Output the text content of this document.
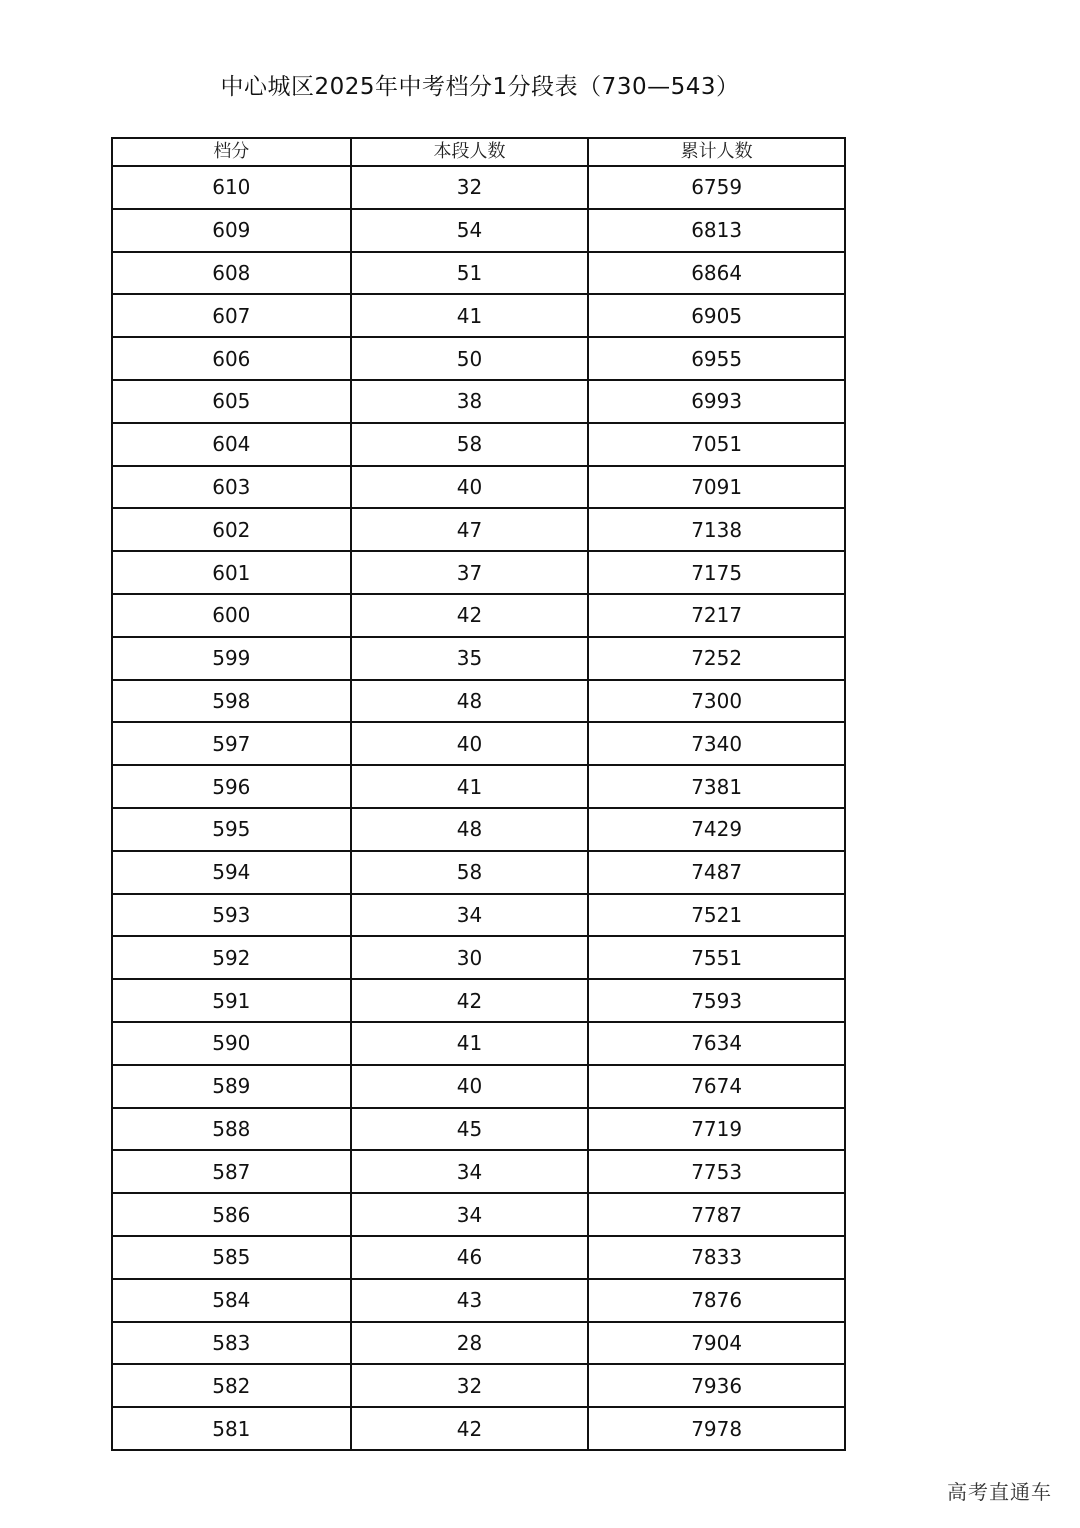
中心城区2025年中考档分1分段表（730—543）
档分	本段人数	累计人数
610	32	6759
609	54	6813
608	51	6864
607	41	6905
606	50	6955
605	38	6993
604	58	7051
603	40	7091
602	47	7138
601	37	7175
600	42	7217
599	35	7252
598	48	7300
597	40	7340
596	41	7381
595	48	7429
594	58	7487
593	34	7521
592	30	7551
591	42	7593
590	41	7634
589	40	7674
588	45	7719
587	34	7753
586	34	7787
585	46	7833
584	43	7876
583	28	7904
582	32	7936
581	42	7978
高考直通车
